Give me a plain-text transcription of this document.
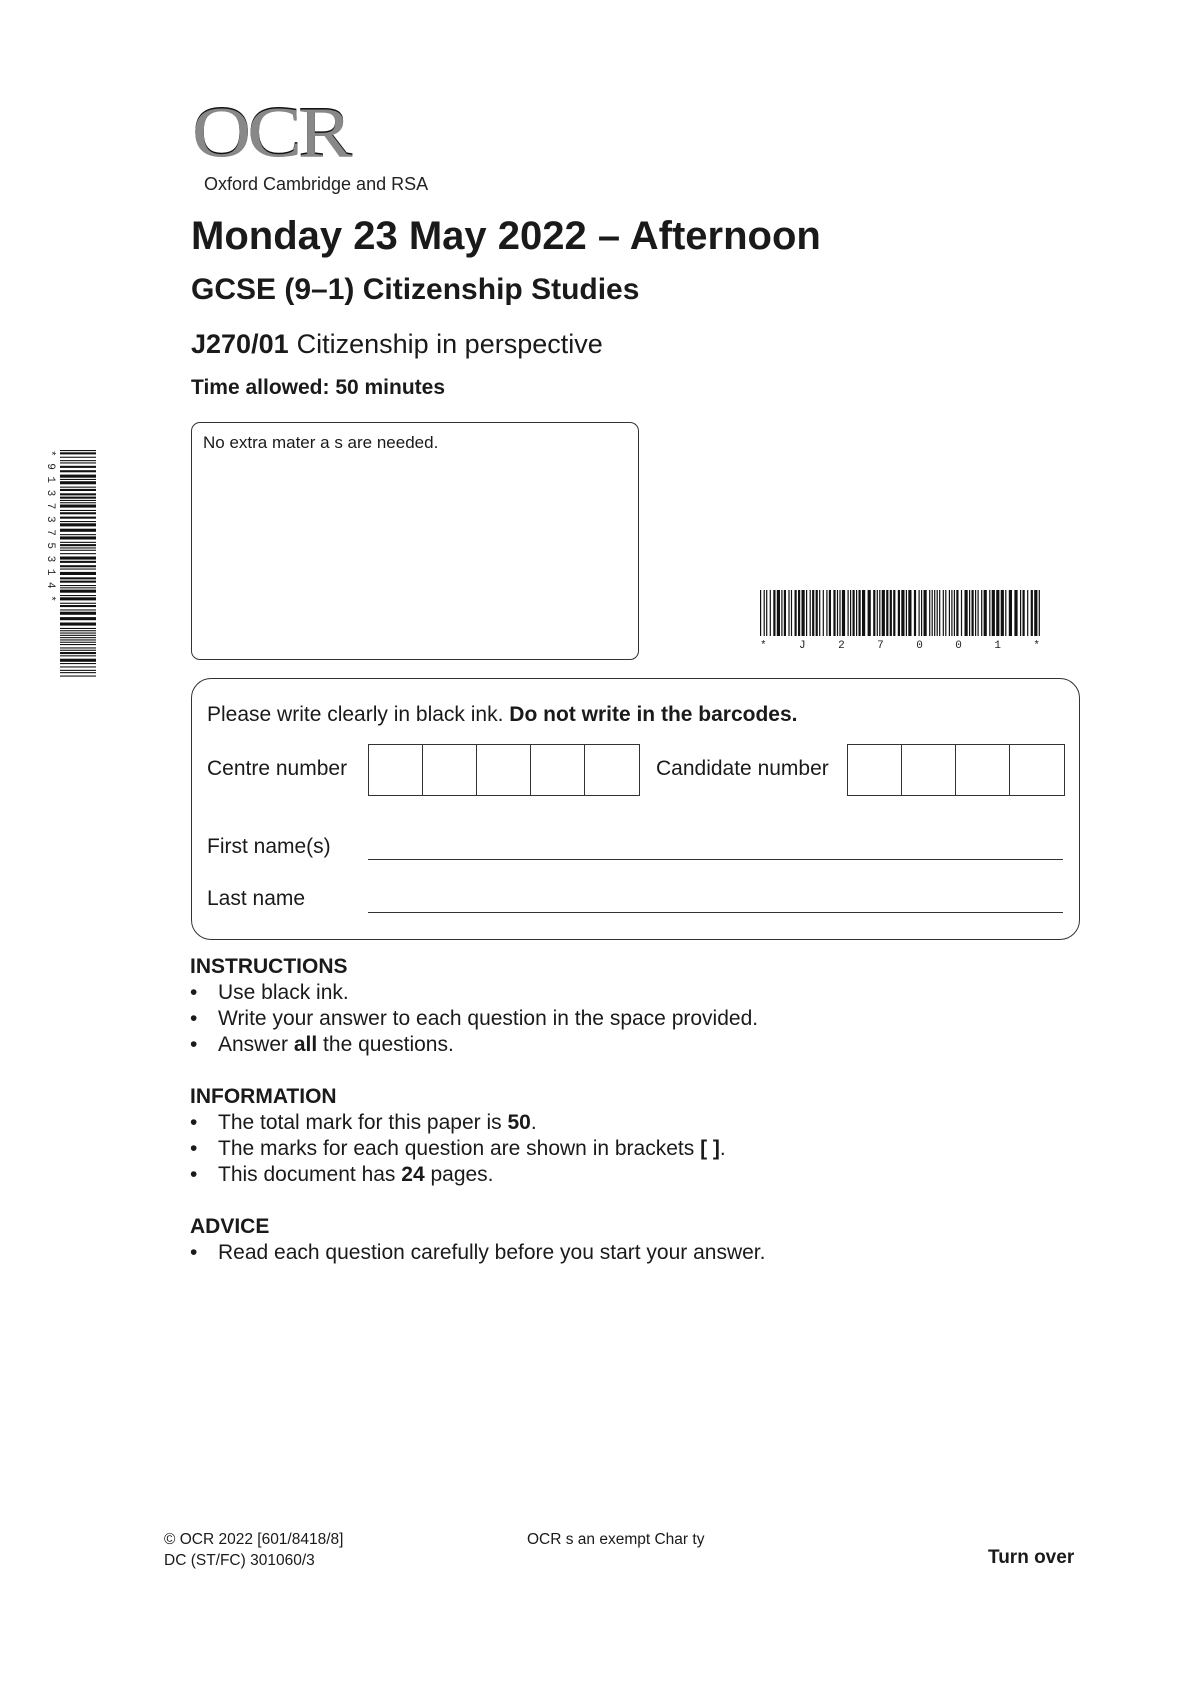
OCR
Oxford Cambridge and RSA
Monday 23 May 2022 – Afternoon
GCSE (9–1) Citizenship Studies
J270/01 Citizenship in perspective
Time allowed: 50 minutes
No extra mater a s are needed.
* 9 1 3 7 3 7 5 3 1 4 *
* J 2 7 0 0 1 *
Please write clearly in black ink. Do not write in the barcodes.
Centre number	Candidate number
First name(s)
Last name
INSTRUCTIONS
• Use black ink.
• Write your answer to each question in the space provided.
• Answer all the questions.
INFORMATION
• The total mark for this paper is 50.
• The marks for each question are shown in brackets [ ].
• This document has 24 pages.
ADVICE
• Read each question carefully before you start your answer.
© OCR 2022 [601/8418/8]
DC (ST/FC) 301060/3
OCR s an exempt Char ty
Turn over
